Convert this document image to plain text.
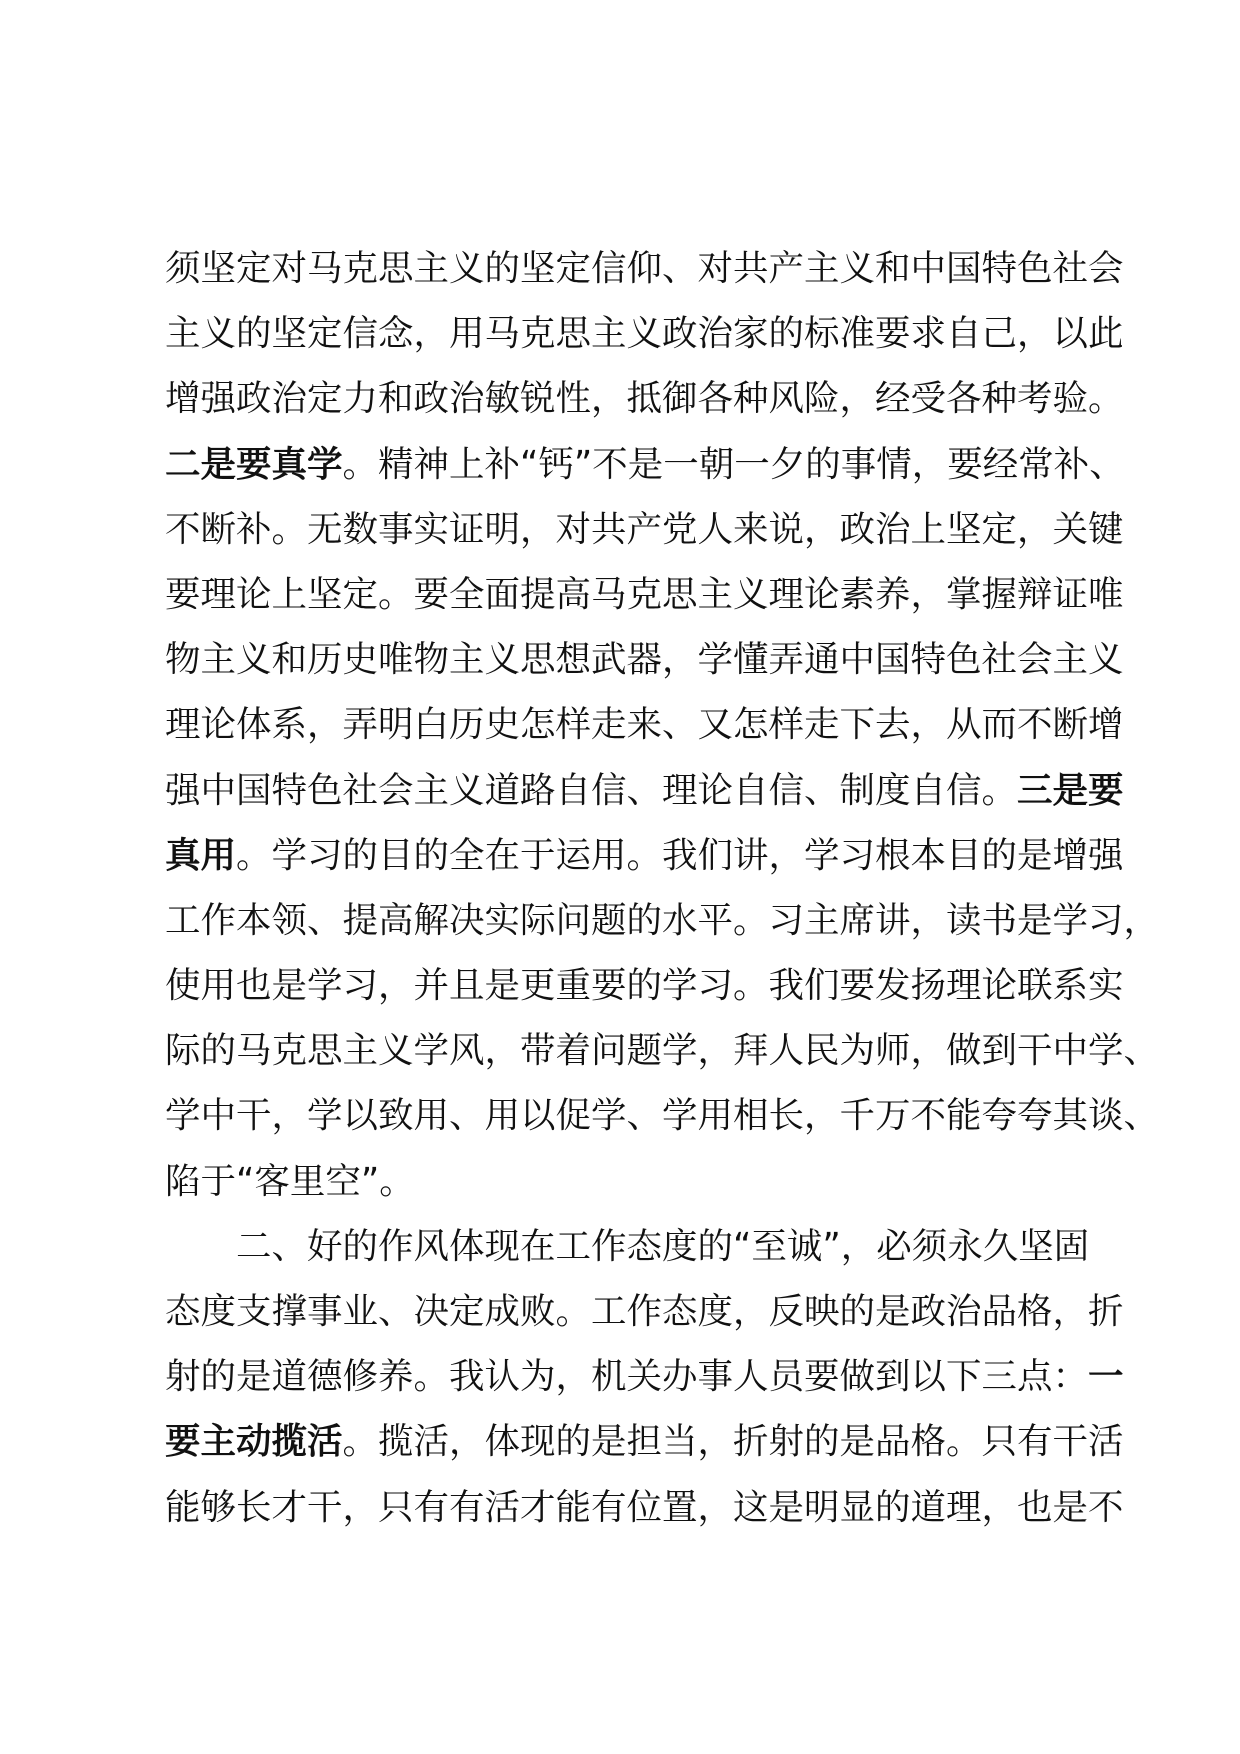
须坚定对马克思主义的坚定信仰、对共产主义和中国特色社会
主义的坚定信念，用马克思主义政治家的标准要求自己，以此
增强政治定力和政治敏锐性，抵御各种风险，经受各种考验。
二是要真学。精神上补“钙”不是一朝一夕的事情，要经常补、
不断补。无数事实证明，对共产党人来说，政治上坚定，关键
要理论上坚定。要全面提高马克思主义理论素养，掌握辩证唯
物主义和历史唯物主义思想武器，学懂弄通中国特色社会主义
理论体系，弄明白历史怎样走来、又怎样走下去，从而不断增
强中国特色社会主义道路自信、理论自信、制度自信。三是要
真用。学习的目的全在于运用。我们讲，学习根本目的是增强
工作本领、提高解决实际问题的水平。习主席讲，读书是学习，
使用也是学习，并且是更重要的学习。我们要发扬理论联系实
际的马克思主义学风，带着问题学，拜人民为师，做到干中学、
学中干，学以致用、用以促学、学用相长，千万不能夸夸其谈、
陷于“客里空”。
二、好的作风体现在工作态度的“至诚”，必须永久坚固
态度支撑事业、决定成败。工作态度，反映的是政治品格，折
射的是道德修养。我认为，机关办事人员要做到以下三点：一
要主动揽活。揽活，体现的是担当，折射的是品格。只有干活
能够长才干，只有有活才能有位置，这是明显的道理，也是不
